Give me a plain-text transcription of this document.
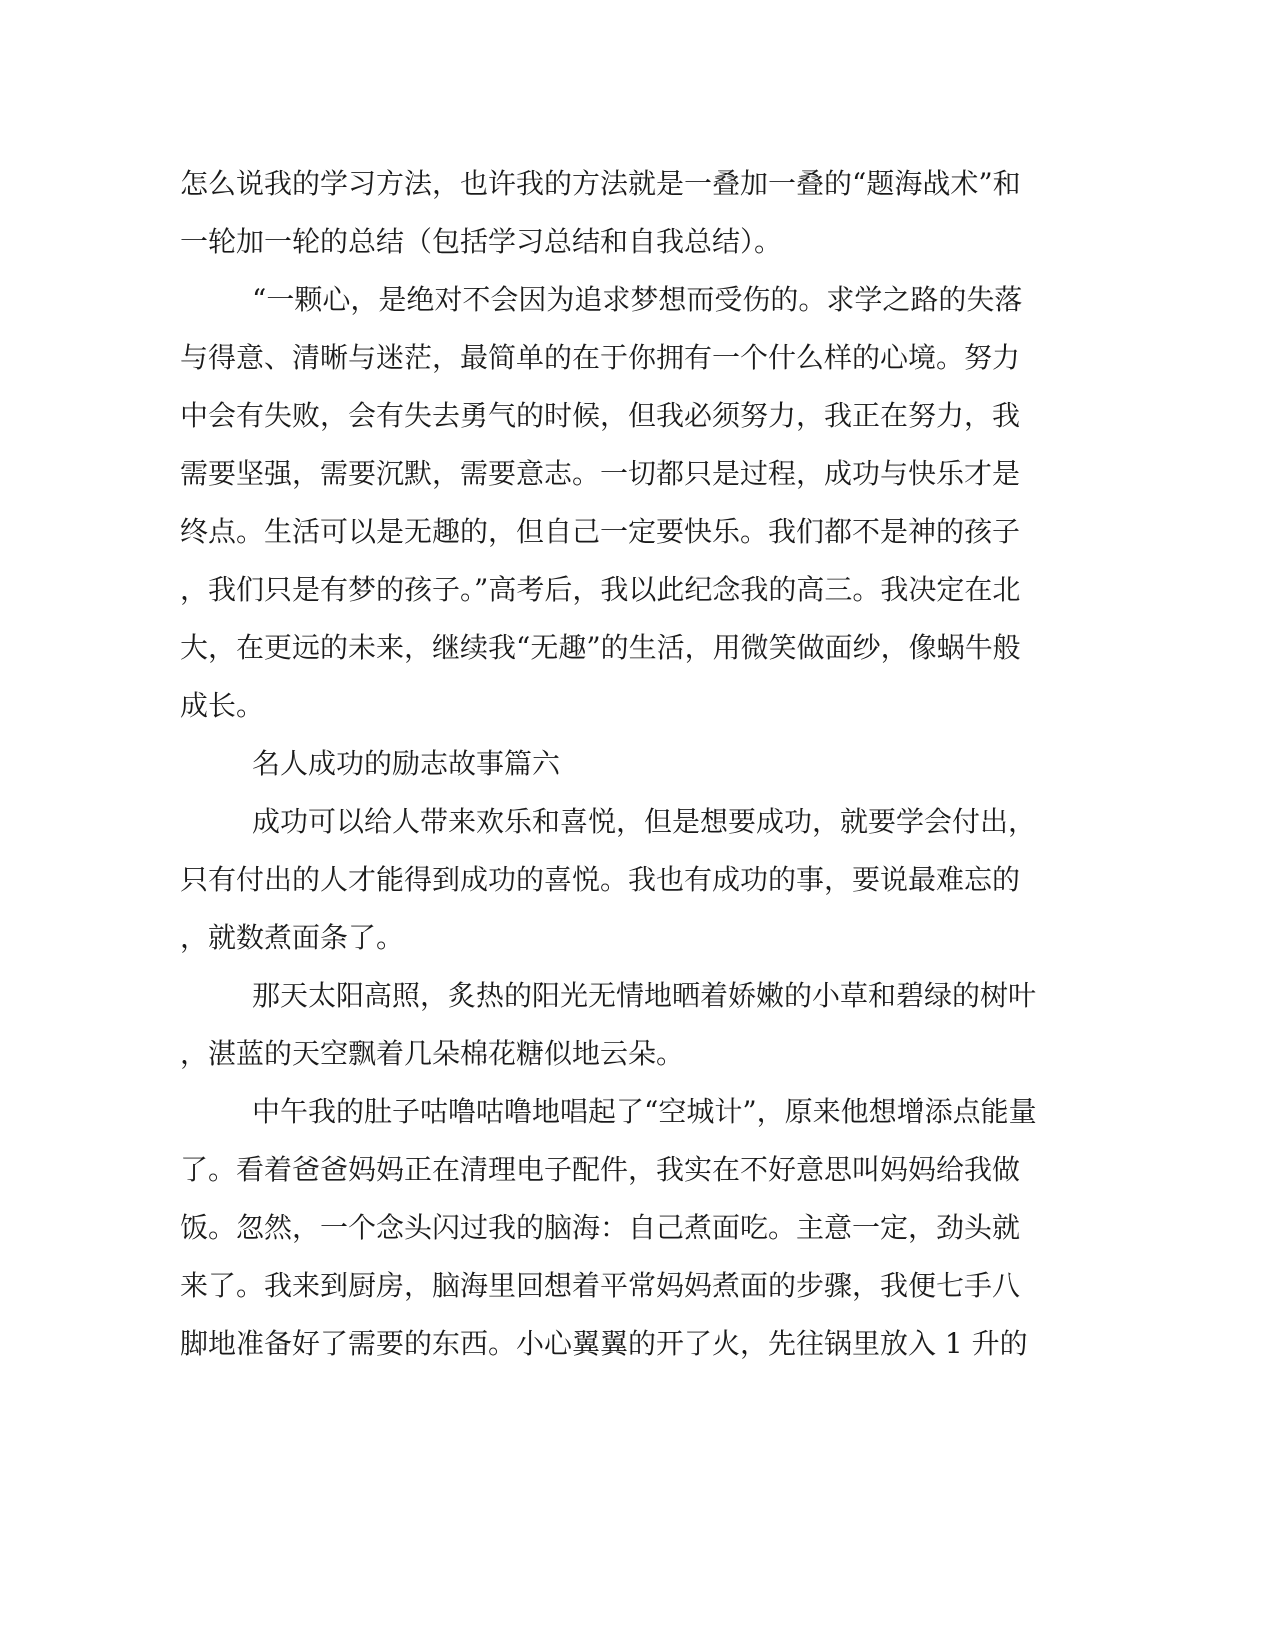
怎么说我的学习方法，也许我的方法就是一叠加一叠的“题海战术”和
一轮加一轮的总结（包括学习总结和自我总结）。
“一颗心，是绝对不会因为追求梦想而受伤的。求学之路的失落
与得意、清晰与迷茫，最简单的在于你拥有一个什么样的心境。努力
中会有失败，会有失去勇气的时候，但我必须努力，我正在努力，我
需要坚强，需要沉默，需要意志。一切都只是过程，成功与快乐才是
终点。生活可以是无趣的，但自己一定要快乐。我们都不是神的孩子
，我们只是有梦的孩子。”高考后，我以此纪念我的高三。我决定在北
大，在更远的未来，继续我“无趣”的生活，用微笑做面纱，像蜗牛般
成长。
名人成功的励志故事篇六
成功可以给人带来欢乐和喜悦，但是想要成功，就要学会付出，
只有付出的人才能得到成功的喜悦。我也有成功的事，要说最难忘的
，就数煮面条了。
那天太阳高照，炙热的阳光无情地晒着娇嫩的小草和碧绿的树叶
，湛蓝的天空飘着几朵棉花糖似地云朵。
中午我的肚子咕噜咕噜地唱起了“空城计”，原来他想增添点能量
了。看着爸爸妈妈正在清理电子配件，我实在不好意思叫妈妈给我做
饭。忽然，一个念头闪过我的脑海：自己煮面吃。主意一定，劲头就
来了。我来到厨房，脑海里回想着平常妈妈煮面的步骤，我便七手八
脚地准备好了需要的东西。小心翼翼的开了火，先往锅里放入 1 升的
